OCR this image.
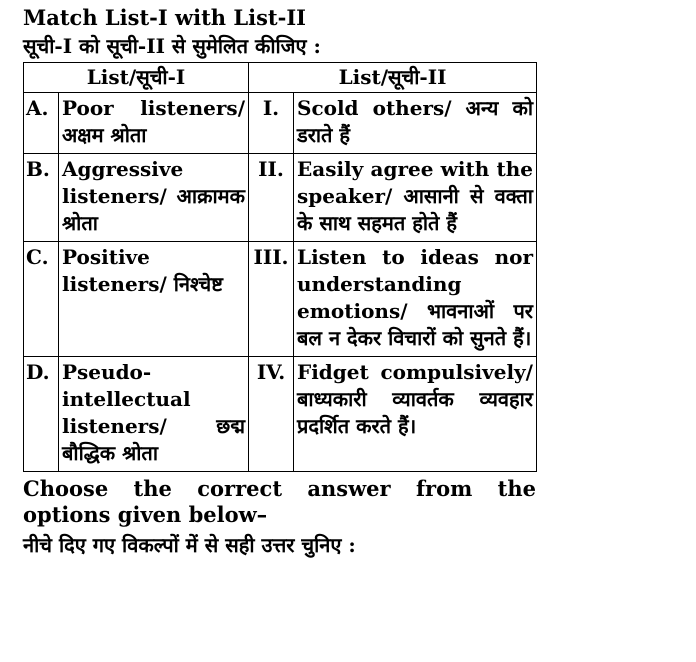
Match List-I with List-II
सूची-I को सूची-II से सुमेलित कीजिए :
List/सूची-I		List/सूची-II	
A.	Poor listeners/ अक्षम श्रोता	I.	Scold others/ अन्य को डराते हैं
B.	Aggressive listeners/ आक्रामक श्रोता	II.	Easily agree with the speaker/ आसानी से वक्ता के साथ सहमत होते हैं
C.	Positive listeners/ निश्चेष्ट	III.	Listen to ideas nor understanding emotions/ भावनाओं पर बल न देकर विचारों को सुनते हैं।
D.	Pseudo-intellectual listeners/ छद्म बौद्धिक श्रोता	IV.	Fidget compulsively/ बाध्यकारी व्यावर्तक व्यवहार प्रदर्शित करते हैं।
Choose the correct answer from the options given below–
नीचे दिए गए विकल्पों में से सही उत्तर चुनिए :
